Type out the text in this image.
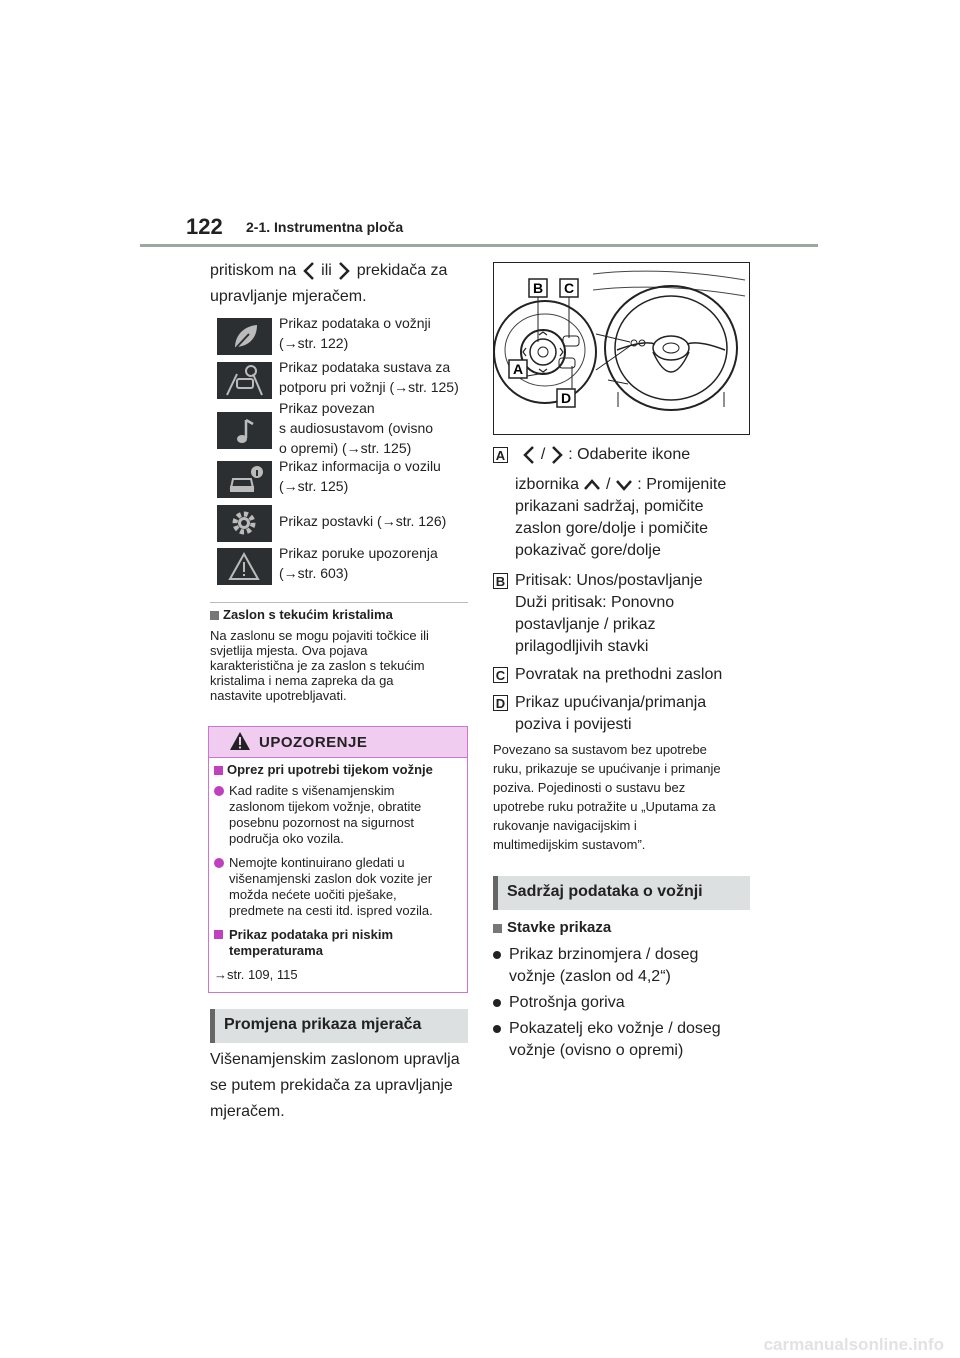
122 2-1. Instrumentna ploča
pritiskom na ili prekidača za
upravljanje mjeračem.
Prikaz podataka o vožnji
(→str. 122)
Prikaz podataka sustava za
potporu pri vožnji (→str. 125)
Prikaz povezan
s audiosustavom (ovisno
o opremi) (→str. 125)
Prikaz informacija o vozilu
(→str. 125)
Prikaz postavki (→str. 126)
Prikaz poruke upozorenja
(→str. 603)
Zaslon s tekućim kristalima
Na zaslonu se mogu pojaviti točkice ili
svjetlija mjesta. Ova pojava
karakteristična je za zaslon s tekućim
kristalima i nema zapreka da ga
nastavite upotrebljavati.
UPOZORENJE
Oprez pri upotrebi tijekom vožnje
Kad radite s višenamjenskim
zaslonom tijekom vožnje, obratite
posebnu pozornost na sigurnost
područja oko vozila.
Nemojte kontinuirano gledati u
višenamjenski zaslon dok vozite jer
možda nećete uočiti pješake,
predmete na cesti itd. ispred vozila.
Prikaz podataka pri niskim
temperaturama
→str. 109, 115
Promjena prikaza mjerača
Višenamjenskim zaslonom upravlja
se putem prekidača za upravljanje
mjeračem.
B C
A
D
A / : Odaberite ikone
izbornika / : Promijenite
prikazani sadržaj, pomičite
zaslon gore/dolje i pomičite
pokazivač gore/dolje
B Pritisak: Unos/postavljanje
Duži pritisak: Ponovno
postavljanje / prikaz
prilagodljivih stavki
C Povratak na prethodni zaslon
D Prikaz upućivanja/primanja
poziva i povijesti
Povezano sa sustavom bez upotrebe
ruku, prikazuje se upućivanje i primanje
poziva. Pojedinosti o sustavu bez
upotrebe ruku potražite u „Uputama za
rukovanje navigacijskim i
multimedijskim sustavom”.
Sadržaj podataka o vožnji
Stavke prikaza
Prikaz brzinomjera / doseg
vožnje (zaslon od 4,2“)
Potrošnja goriva
Pokazatelj eko vožnje / doseg
vožnje (ovisno o opremi)
carmanualsonline.info
